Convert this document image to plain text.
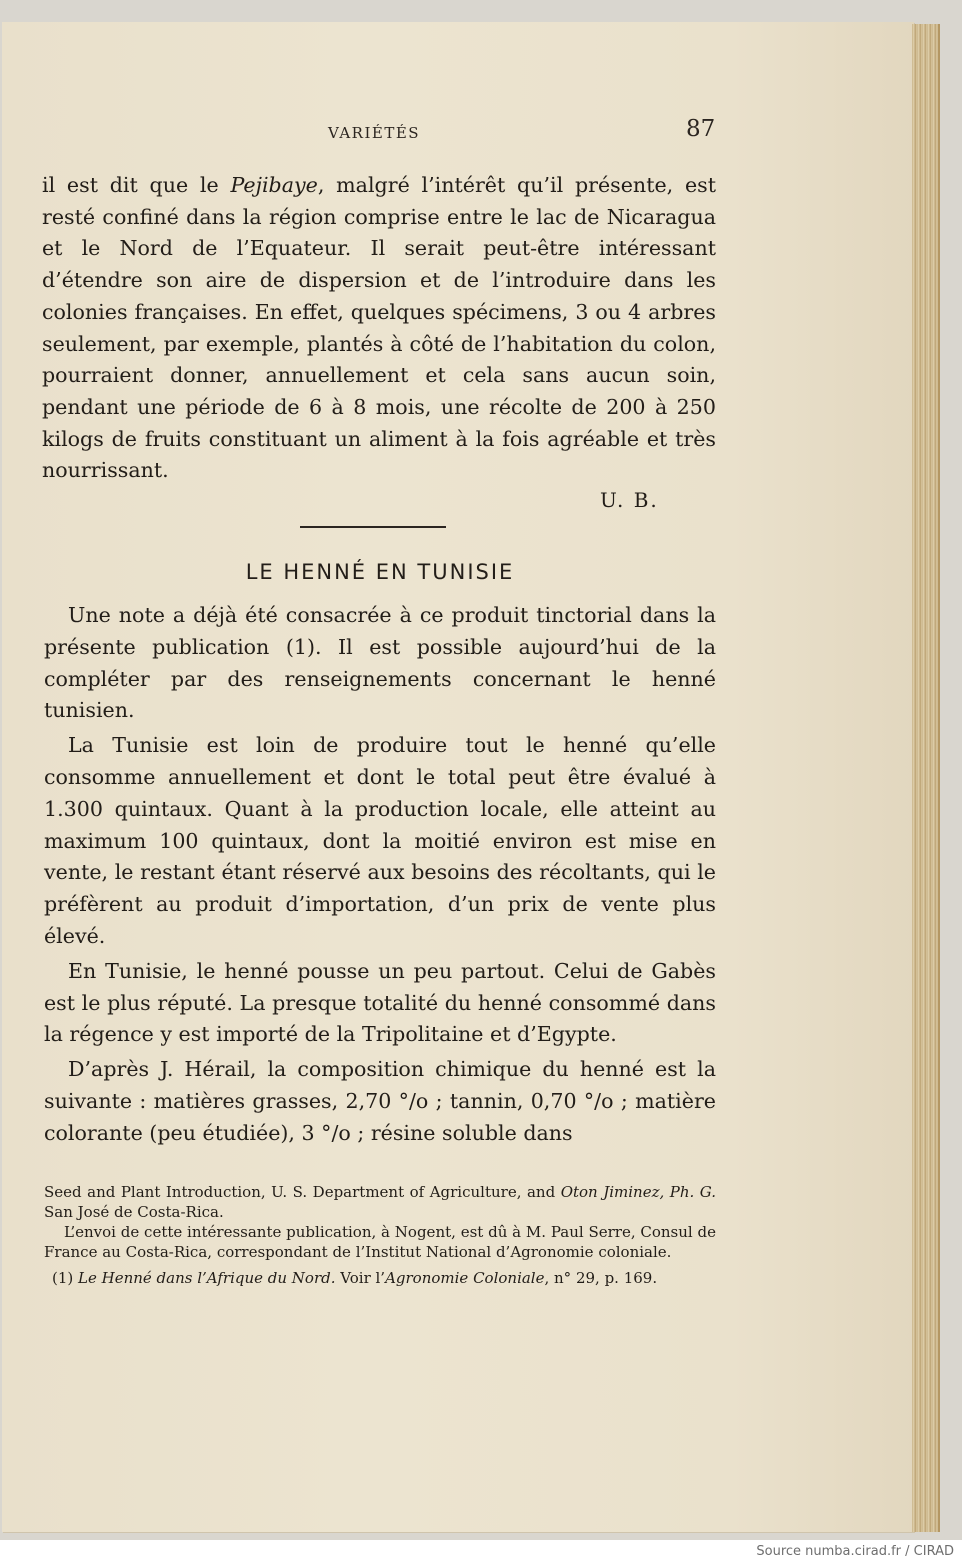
VARIÉTÉS	87

il est dit que le Pejibaye, malgré l’intérêt qu’il présente, est resté confiné dans la région comprise entre le lac de Nicaragua et le Nord de l’Equateur. Il serait peut-être intéressant d’étendre son aire de dispersion et de l’introduire dans les colonies françaises. En effet, quelques spécimens, 3 ou 4 arbres seulement, par exemple, plantés à côté de l’habitation du colon, pourraient donner, annuellement et cela sans aucun soin, pendant une période de 6 à 8 mois, une récolte de 200 à 250 kilogs de fruits constituant un aliment à la fois agréable et très nourrissant.

U. B.
LE HENNÉ EN TUNISIE

Une note a déjà été consacrée à ce produit tinctorial dans la présente publication (1). Il est possible aujourd’hui de la compléter par des renseignements concernant le henné tunisien.

La Tunisie est loin de produire tout le henné qu’elle consomme annuellement et dont le total peut être évalué à 1.300 quintaux. Quant à la production locale, elle atteint au maximum 100 quintaux, dont la moitié environ est mise en vente, le restant étant réservé aux besoins des récoltants, qui le préfèrent au produit d’importation, d’un prix de vente plus élevé.

En Tunisie, le henné pousse un peu partout. Celui de Gabès est le plus réputé. La presque totalité du henné consommé dans la régence y est importé de la Tripolitaine et d’Egypte.

D’après J. Hérail, la composition chimique du henné est la suivante : matières grasses, 2,70 °/o ; tannin, 0,70 °/o ; matière colorante (peu étudiée), 3 °/o ; résine soluble dans

Seed and Plant Introduction, U. S. Department of Agriculture, and Oton Jiminez, Ph. G. San José de Costa-Rica.

L’envoi de cette intéressante publication, à Nogent, est dû à M. Paul Serre, Consul de France au Costa-Rica, correspondant de l’Institut National d’Agronomie coloniale.

(1) Le Henné dans l’Afrique du Nord. Voir l’Agronomie Coloniale, n° 29, p. 169.

Source numba.cirad.fr / CIRAD
